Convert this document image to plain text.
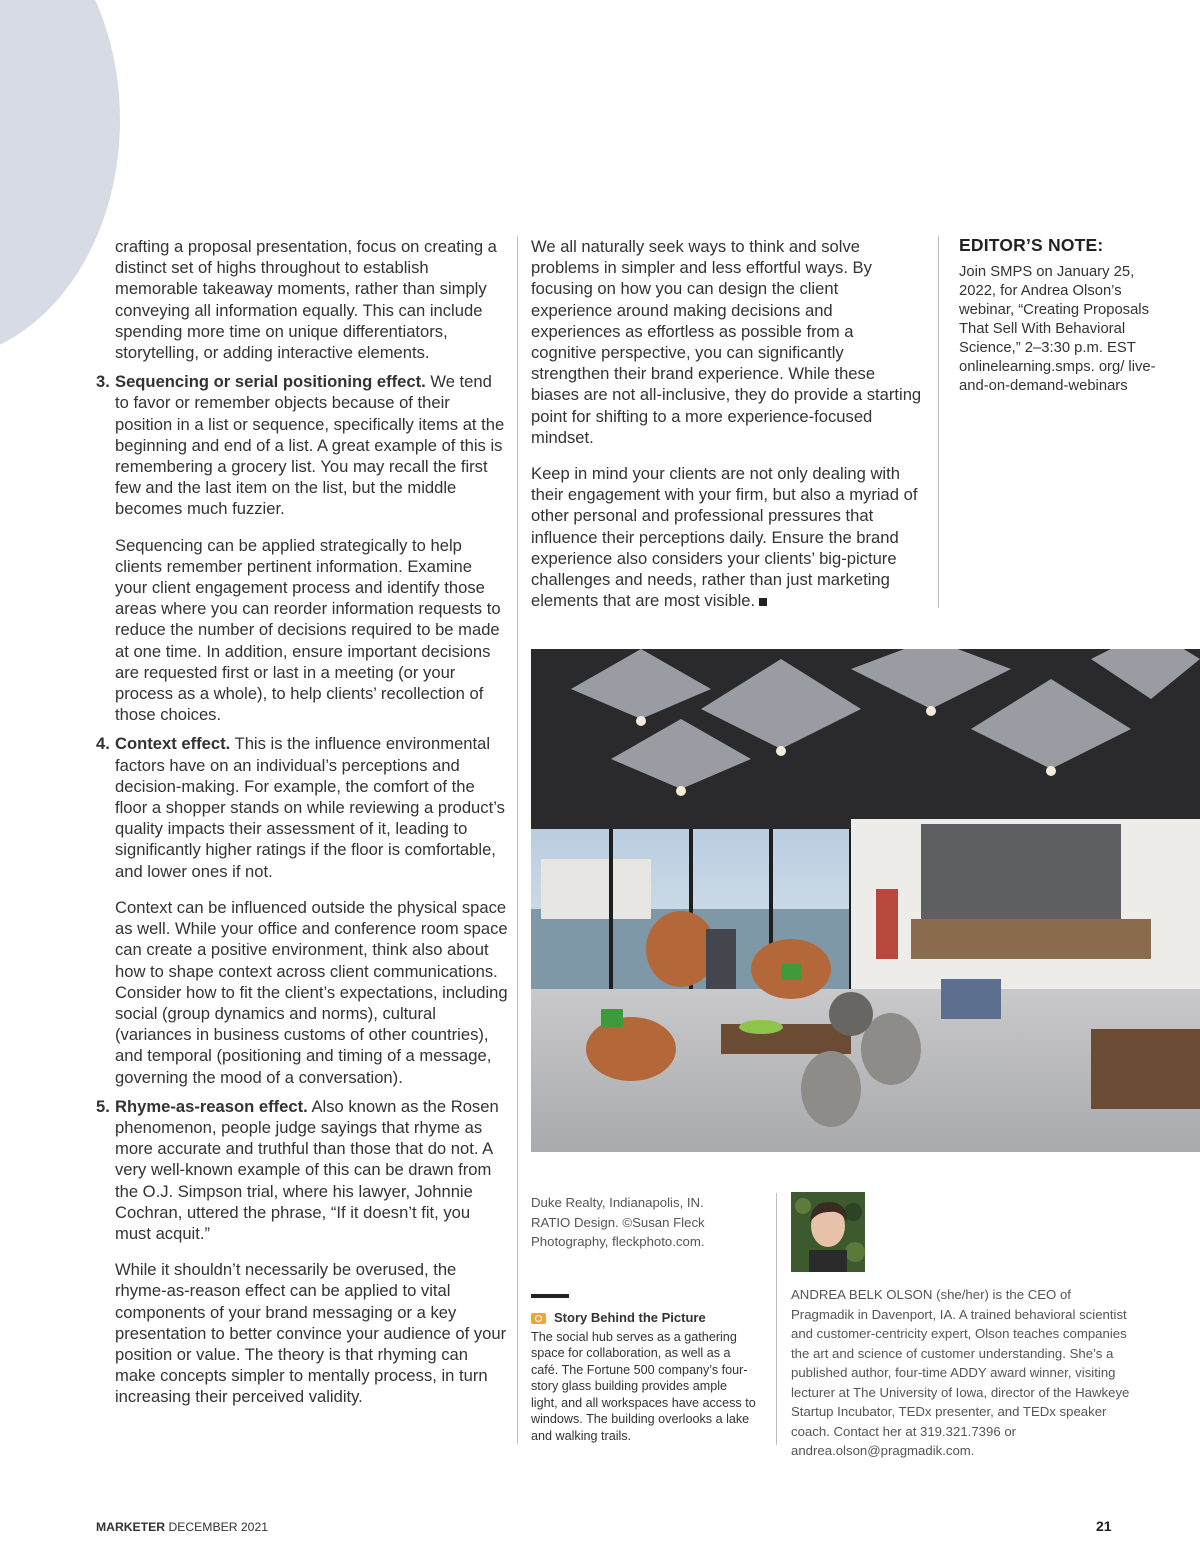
crafting a proposal presentation, focus on creating a distinct set of highs throughout to establish memorable takeaway moments, rather than simply conveying all information equally. This can include spending more time on unique differentiators, storytelling, or adding interactive elements.

3. Sequencing or serial positioning effect. We tend to favor or remember objects because of their position in a list or sequence, specifically items at the beginning and end of a list. A great example of this is remembering a grocery list. You may recall the first few and the last item on the list, but the middle becomes much fuzzier.

Sequencing can be applied strategically to help clients remember pertinent information. Examine your client engagement process and identify those areas where you can reorder information requests to reduce the number of decisions required to be made at one time. In addition, ensure important decisions are requested first or last in a meeting (or your process as a whole), to help clients’ recollection of those choices.

4. Context effect. This is the influence environmental factors have on an individual’s perceptions and decision-making. For example, the comfort of the floor a shopper stands on while reviewing a product’s quality impacts their assessment of it, leading to significantly higher ratings if the floor is comfortable, and lower ones if not.

Context can be influenced outside the physical space as well. While your office and conference room space can create a positive environment, think also about how to shape context across client communications. Consider how to fit the client’s expectations, including social (group dynamics and norms), cultural (variances in business customs of other countries), and temporal (positioning and timing of a message, governing the mood of a conversation).

5. Rhyme-as-reason effect. Also known as the Rosen phenomenon, people judge sayings that rhyme as more accurate and truthful than those that do not. A very well-known example of this can be drawn from the O.J. Simpson trial, where his lawyer, Johnnie Cochran, uttered the phrase, “If it doesn’t fit, you must acquit.”

While it shouldn’t necessarily be overused, the rhyme-as-reason effect can be applied to vital components of your brand messaging or a key presentation to better convince your audience of your position or value. The theory is that rhyming can make concepts simpler to mentally process, in turn increasing their perceived validity.

We all naturally seek ways to think and solve problems in simpler and less effortful ways. By focusing on how you can design the client experience around making decisions and experiences as effortless as possible from a cognitive perspective, you can significantly strengthen their brand experience. While these biases are not all-inclusive, they do provide a starting point for shifting to a more experience-focused mindset.

Keep in mind your clients are not only dealing with their engagement with your firm, but also a myriad of other personal and professional pressures that influence their perceptions daily. Ensure the brand experience also considers your clients’ big-picture challenges and needs, rather than just marketing elements that are most visible.

EDITOR’S NOTE:

Join SMPS on January 25, 2022, for Andrea Olson’s webinar, “Creating Proposals That Sell With Behavioral Science,” 2–3:30 p.m. EST

onlinelearning.smps. org/ live-and-on-demand-webinars

Duke Realty, Indianapolis, IN. RATIO Design. ©Susan Fleck Photography, fleckphoto.com.
Story Behind the Picture
The social hub serves as a gathering space for collaboration, as well as a café. The Fortune 500 company’s four-story glass building provides ample light, and all workspaces have access to windows. The building overlooks a lake and walking trails.
ANDREA BELK OLSON (she/her) is the CEO of Pragmadik in Davenport, IA. A trained behavioral scientist and customer-centricity expert, Olson teaches companies the art and science of customer understanding. She’s a published author, four-time ADDY award winner, visiting lecturer at The University of Iowa, director of the Hawkeye Startup Incubator, TEDx presenter, and TEDx speaker coach. Contact her at 319.321.7396 or andrea.olson@pragmadik.com.
MARKETER DECEMBER 2021	21
